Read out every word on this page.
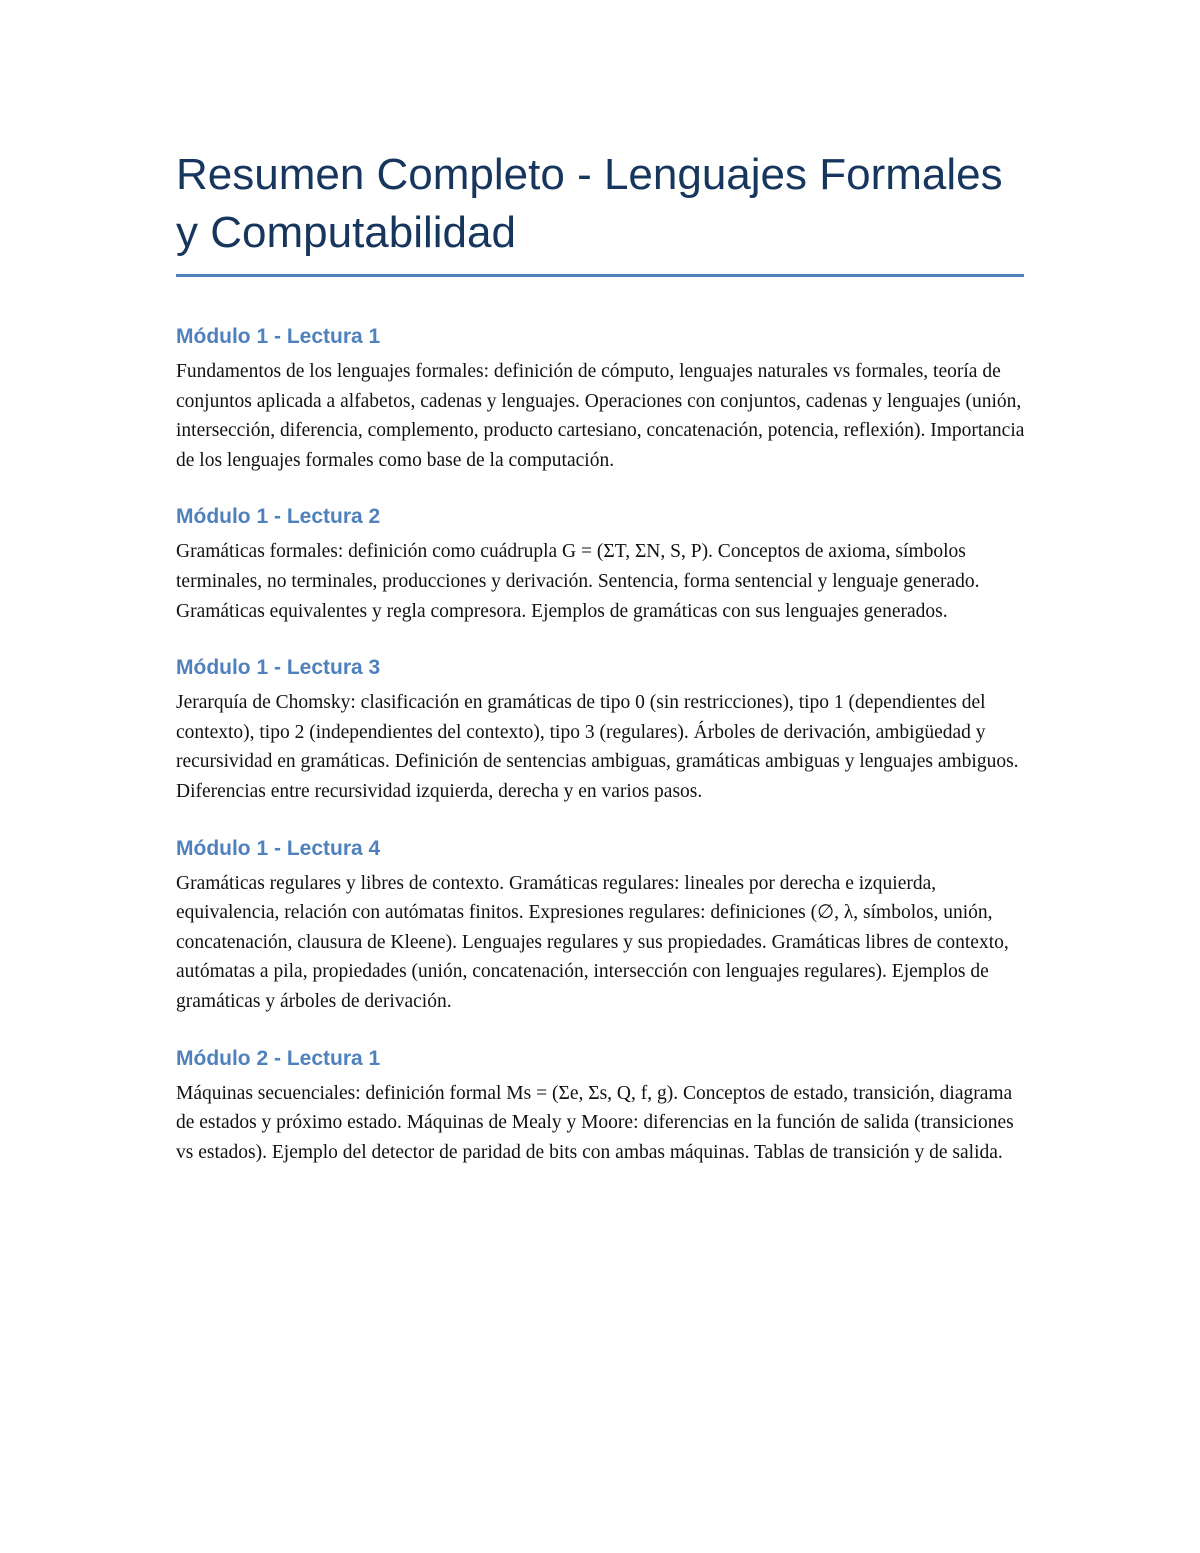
Resumen Completo - Lenguajes Formales y Computabilidad
Módulo 1 - Lectura 1

Fundamentos de los lenguajes formales: definición de cómputo, lenguajes naturales vs formales, teoría de conjuntos aplicada a alfabetos, cadenas y lenguajes. Operaciones con conjuntos, cadenas y lenguajes (unión, intersección, diferencia, complemento, producto cartesiano, concatenación, potencia, reflexión). Importancia de los lenguajes formales como base de la computación.

Módulo 1 - Lectura 2

Gramáticas formales: definición como cuádrupla G = (ΣT, ΣN, S, P). Conceptos de axioma, símbolos terminales, no terminales, producciones y derivación. Sentencia, forma sentencial y lenguaje generado. Gramáticas equivalentes y regla compresora. Ejemplos de gramáticas con sus lenguajes generados.

Módulo 1 - Lectura 3

Jerarquía de Chomsky: clasificación en gramáticas de tipo 0 (sin restricciones), tipo 1 (dependientes del contexto), tipo 2 (independientes del contexto), tipo 3 (regulares). Árboles de derivación, ambigüedad y recursividad en gramáticas. Definición de sentencias ambiguas, gramáticas ambiguas y lenguajes ambiguos. Diferencias entre recursividad izquierda, derecha y en varios pasos.

Módulo 1 - Lectura 4

Gramáticas regulares y libres de contexto. Gramáticas regulares: lineales por derecha e izquierda, equivalencia, relación con autómatas finitos. Expresiones regulares: definiciones (∅, λ, símbolos, unión, concatenación, clausura de Kleene). Lenguajes regulares y sus propiedades. Gramáticas libres de contexto, autómatas a pila, propiedades (unión, concatenación, intersección con lenguajes regulares). Ejemplos de gramáticas y árboles de derivación.

Módulo 2 - Lectura 1

Máquinas secuenciales: definición formal Ms = (Σe, Σs, Q, f, g). Conceptos de estado, transición, diagrama de estados y próximo estado. Máquinas de Mealy y Moore: diferencias en la función de salida (transiciones vs estados). Ejemplo del detector de paridad de bits con ambas máquinas. Tablas de transición y de salida.
